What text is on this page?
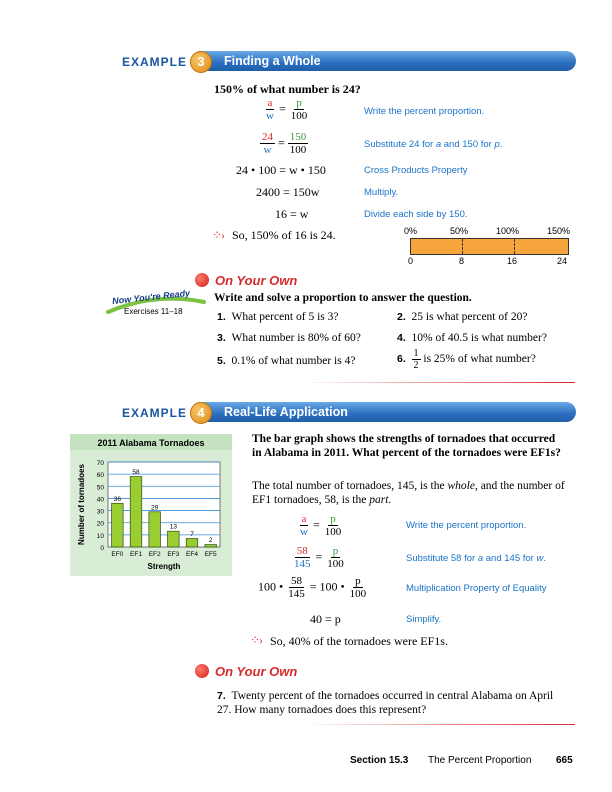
EXAMPLE 3	Finding a Whole
150% of what number is 24?
$\frac{a}{w} = \frac{p}{100}$	Write the percent proportion.
$\frac{24}{w} = \frac{150}{100}$	Substitute 24 for a and 150 for p.
24 • 100 = w • 150	Cross Products Property
2400 = 150w	Multiply.
16 = w	Divide each side by 150.
⁘› So, 150% of 16 is 24.	0%	50%	100%	150%
0	8	16	24
On Your Own
Now You're Ready
Exercises 11–18
Write and solve a proportion to answer the question.
1. What percent of 5 is 3?	2. 25 is what percent of 20?
3. What number is 80% of 60?	4. 10% of 40.5 is what number?
5. 0.1% of what number is 4?	6. $\frac{1}{2}$ is 25% of what number?
EXAMPLE 4	Real-Life Application
2011 Alabama Tornadoes
0
10
20
30
40
50
60
70
36
EF0
58
EF1
29
EF2
13
EF3
7
EF4
2
EF5
Strength
Number of tornadoes
The bar graph shows the strengths of tornadoes that occurred in Alabama in 2011. What percent of the tornadoes were EF1s?
The total number of tornadoes, 145, is the whole, and the number of EF1 tornadoes, 58, is the part.
$\frac{a}{w} = \frac{p}{100}$	Write the percent proportion.
$\frac{58}{145} = \frac{p}{100}$	Substitute 58 for a and 145 for w.
100 • $\frac{58}{145} = 100$ • $\frac{p}{100}$	Multiplication Property of Equality
40 = p	Simplify.
⁘› So, 40% of the tornadoes were EF1s.
On Your Own
7. Twenty percent of the tornadoes occurred in central Alabama on April 27. How many tornadoes does this represent?
Section 15.3 The Percent Proportion 665
